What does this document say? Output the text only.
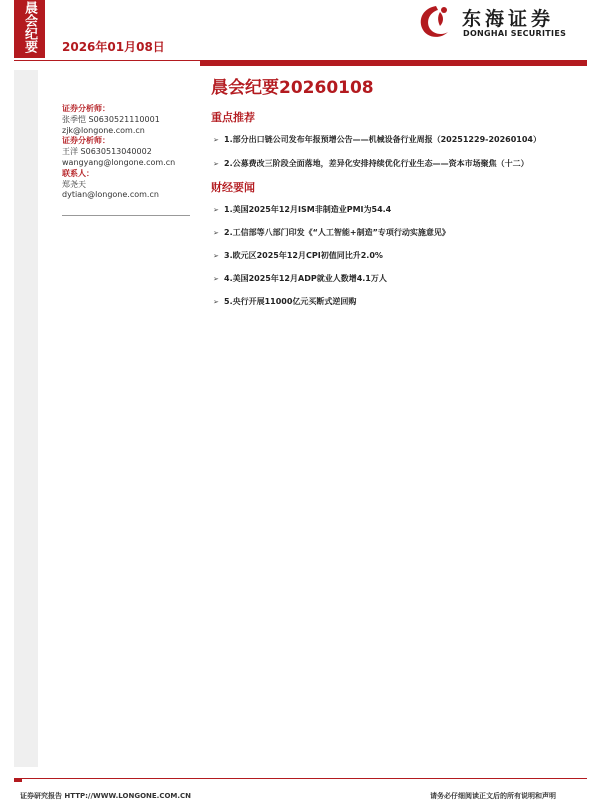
晨会纪要	2026年01月08日
东海证券
DONGHAI SECURITIES
证券分析师：
张季恺 S0630521110001
zjk@longone.com.cn
证券分析师：
王洋 S0630513040002
wangyang@longone.com.cn
联系人：
郑尧天
dytian@longone.com.cn
晨会纪要20260108
重点推荐
➢ 1.部分出口链公司发布年报预增公告——机械设备行业周报（20251229-20260104）
➢ 2.公募费改三阶段全面落地，差异化安排持续优化行业生态——资本市场聚焦（十二）
财经要闻
➢ 1.美国2025年12月ISM非制造业PMI为54.4
➢ 2.工信部等八部门印发《“人工智能+制造”专项行动实施意见》
➢ 3.欧元区2025年12月CPI初值同比升2.0%
➢ 4.美国2025年12月ADP就业人数增4.1万人
➢ 5.央行开展11000亿元买断式逆回购
证券研究报告 HTTP://WWW.LONGONE.COM.CN	请务必仔细阅读正文后的所有说明和声明
